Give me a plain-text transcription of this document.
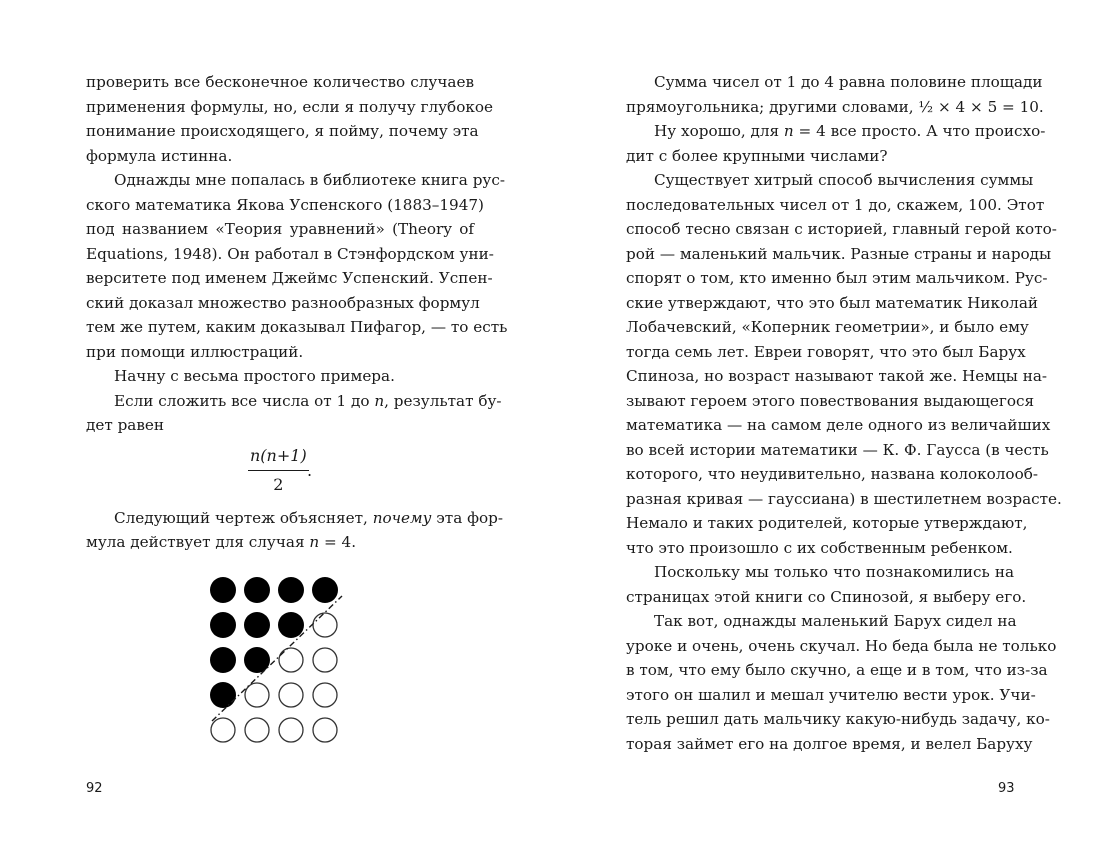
проверить все бесконечное количество случаев
применения формулы, но, если я получу глубокое
понимание происходящего, я пойму, почему эта
формула истинна.
Однажды мне попалась в библиотеке книга рус-
ского математика Якова Успенского (1883–1947)
под названием «Теория уравнений» (Theory of
Equations, 1948). Он работал в Стэнфордском уни-
верситете под именем Джеймс Успенский. Успен-
ский доказал множество разнообразных формул
тем же путем, каким доказывал Пифагор, — то есть
при помощи иллюстраций.
Начну с весьма простого примера.
Если сложить все числа от 1 до n, результат бу-
дет равен
$\frac{n(n+1)}{2}$
.
Следующий чертеж объясняет, почему эта фор-
мула действует для случая n = 4.
92
Сумма чисел от 1 до 4 равна половине площади
прямоугольника; другими словами, ½ × 4 × 5 = 10.
Ну хорошо, для n = 4 все просто. А что происхо-
дит с более крупными числами?
Существует хитрый способ вычисления суммы
последовательных чисел от 1 до, скажем, 100. Этот
способ тесно связан с историей, главный герой кото-
рой — маленький мальчик. Разные страны и народы
спорят о том, кто именно был этим мальчиком. Рус-
ские утверждают, что это был математик Николай
Лобачевский, «Коперник геометрии», и было ему
тогда семь лет. Евреи говорят, что это был Барух
Спиноза, но возраст называют такой же. Немцы на-
зывают героем этого повествования выдающегося
математика — на самом деле одного из величайших
во всей истории математики — К. Ф. Гаусса (в честь
которого, что неудивительно, названа колоколооб-
разная кривая — гауссиана) в шестилетнем возрасте.
Немало и таких родителей, которые утверждают,
что это произошло с их собственным ребенком.
Поскольку мы только что познакомились на
страницах этой книги со Спинозой, я выберу его.
Так вот, однажды маленький Барух сидел на
уроке и очень, очень скучал. Но беда была не только
в том, что ему было скучно, а еще и в том, что из-за
этого он шалил и мешал учителю вести урок. Учи-
тель решил дать мальчику какую-нибудь задачу, ко-
торая займет его на долгое время, и велел Баруху
93
